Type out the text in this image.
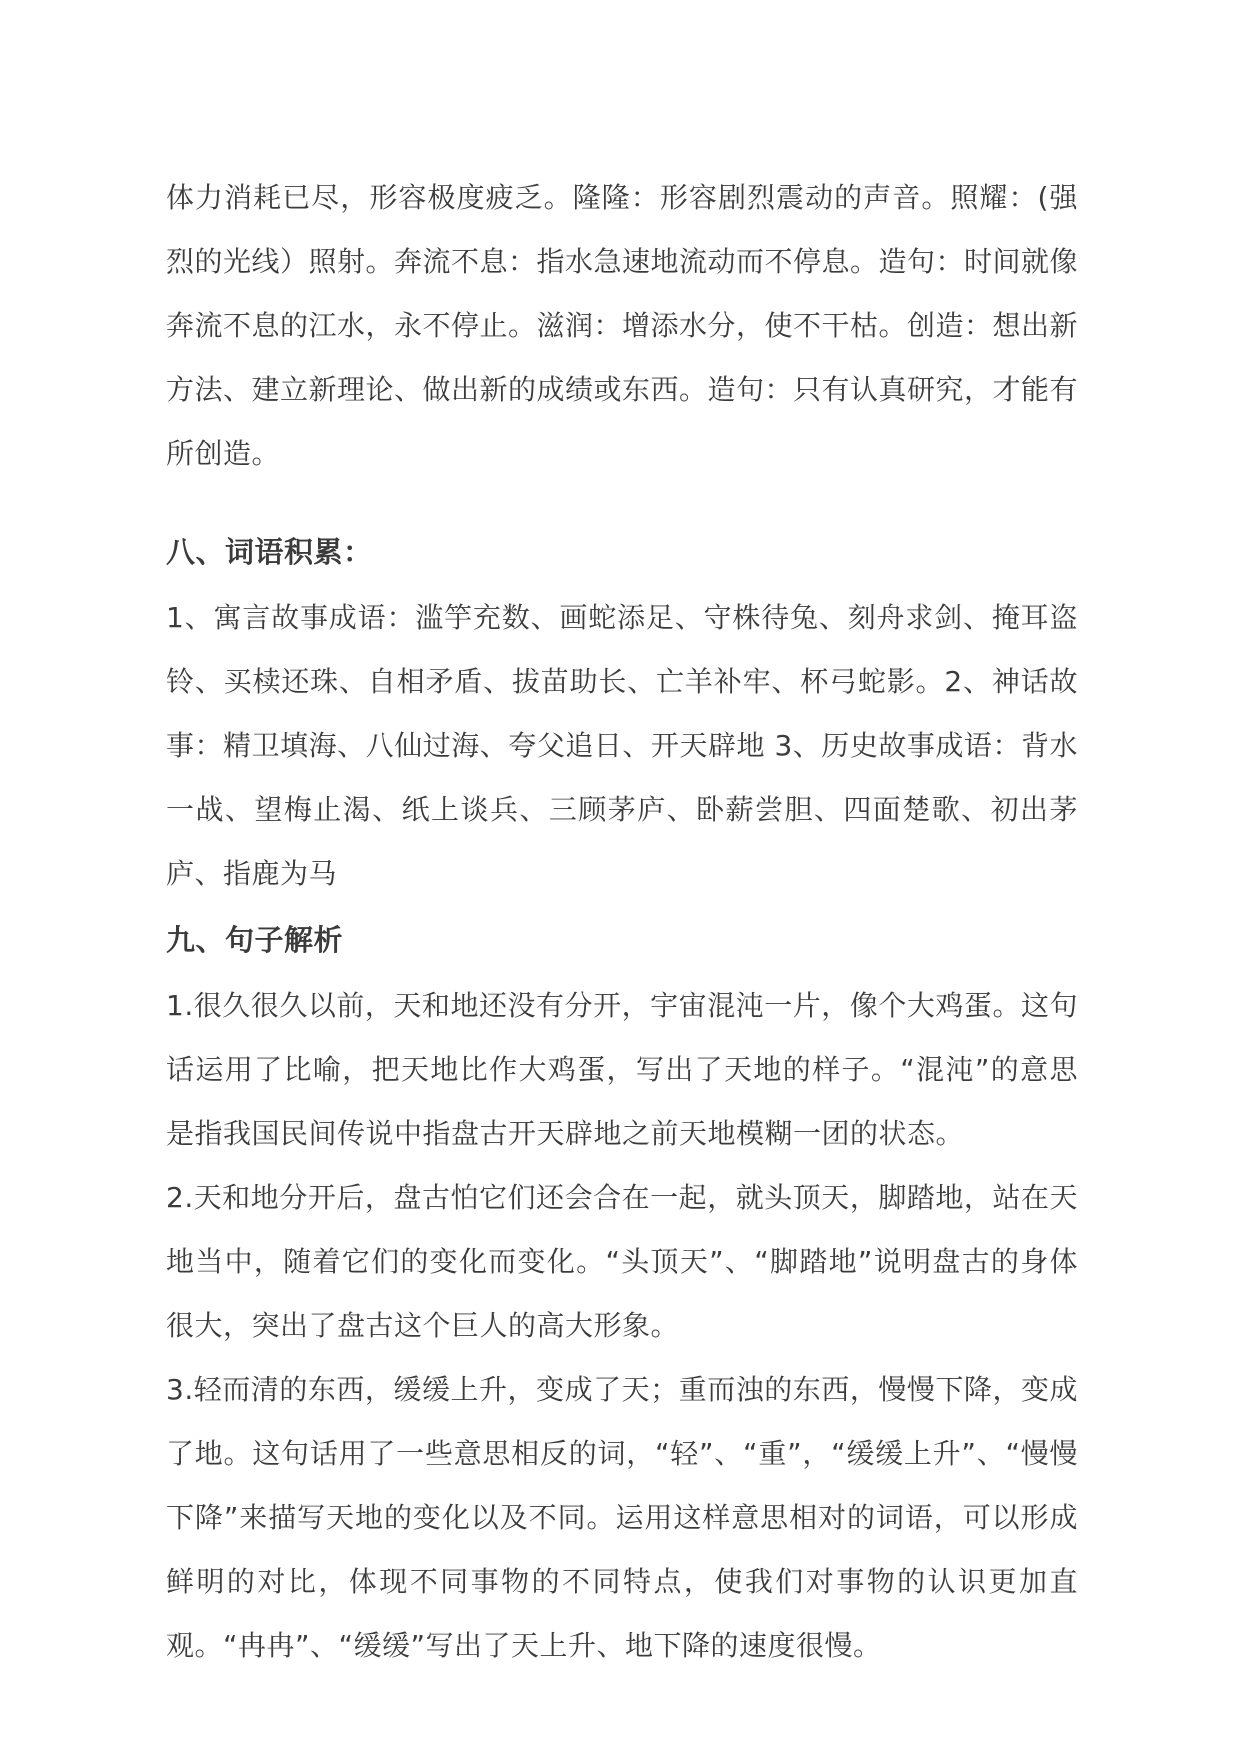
体力消耗已尽，形容极度疲乏。隆隆：形容剧烈震动的声音。照耀：(强烈的光线）照射。奔流不息：指水急速地流动而不停息。造句：时间就像奔流不息的江水，永不停止。滋润：增添水分，使不干枯。创造：想出新方法、建立新理论、做出新的成绩或东西。造句：只有认真研究，才能有所创造。

八、词语积累：

1、寓言故事成语：滥竽充数、画蛇添足、守株待兔、刻舟求剑、掩耳盗铃、买椟还珠、自相矛盾、拔苗助长、亡羊补牢、杯弓蛇影。2、神话故事：精卫填海、八仙过海、夸父追日、开天辟地 3、历史故事成语：背水一战、望梅止渴、纸上谈兵、三顾茅庐、卧薪尝胆、四面楚歌、初出茅庐、指鹿为马

九、句子解析

1.很久很久以前，天和地还没有分开，宇宙混沌一片，像个大鸡蛋。这句话运用了比喻，把天地比作大鸡蛋，写出了天地的样子。“混沌”的意思是指我国民间传说中指盘古开天辟地之前天地模糊一团的状态。

2.天和地分开后，盘古怕它们还会合在一起，就头顶天，脚踏地，站在天地当中，随着它们的变化而变化。“头顶天”、“脚踏地”说明盘古的身体很大，突出了盘古这个巨人的高大形象。

3.轻而清的东西，缓缓上升，变成了天；重而浊的东西，慢慢下降，变成了地。这句话用了一些意思相反的词，“轻”、“重”，“缓缓上升”、“慢慢下降”来描写天地的变化以及不同。运用这样意思相对的词语，可以形成鲜明的对比，体现不同事物的不同特点，使我们对事物的认识更加直观。“冉冉”、“缓缓”写出了天上升、地下降的速度很慢。
